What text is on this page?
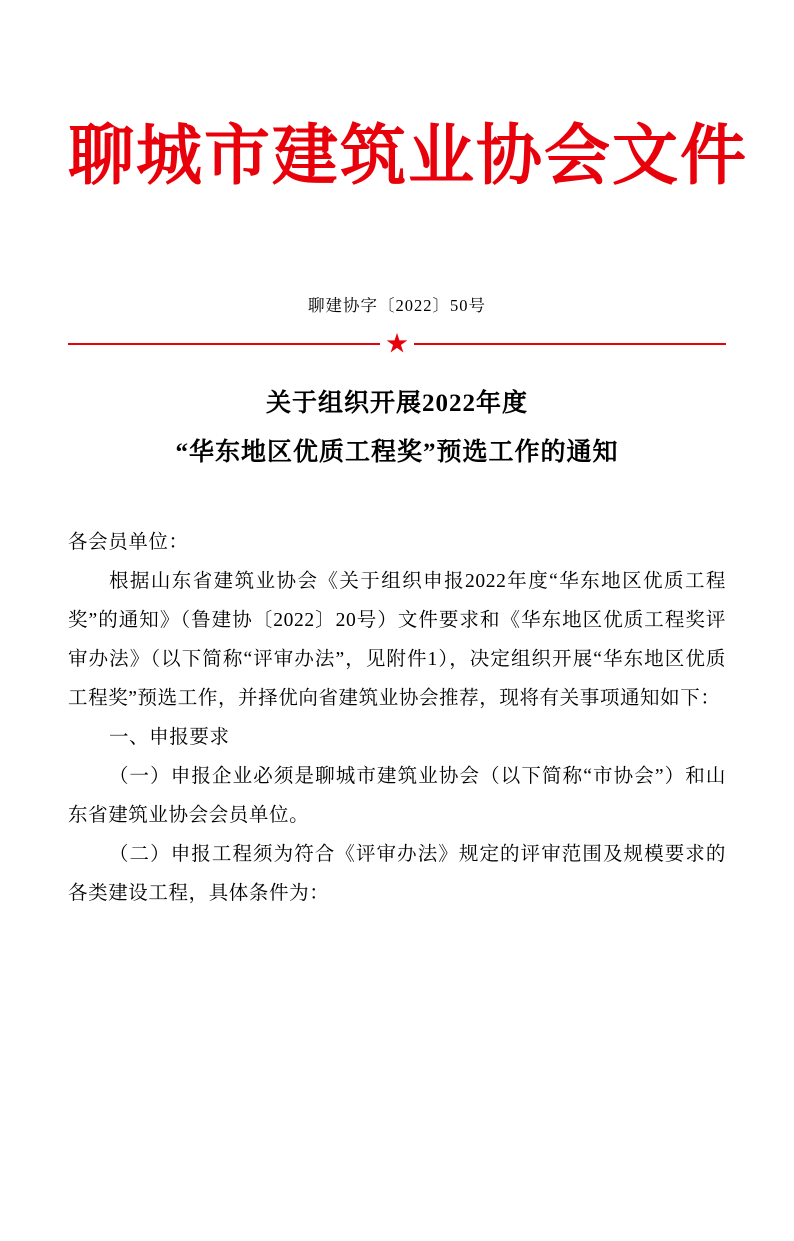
聊城市建筑业协会文件
聊建协字〔2022〕50号
★
关于组织开展2022年度
“华东地区优质工程奖”预选工作的通知

各会员单位：

根据山东省建筑业协会《关于组织申报2022年度“华东地区优质工程奖”的通知》（鲁建协〔2022〕20号）文件要求和《华东地区优质工程奖评审办法》（以下简称“评审办法”，见附件1），决定组织开展“华东地区优质工程奖”预选工作，并择优向省建筑业协会推荐，现将有关事项通知如下：

一、申报要求

（一）申报企业必须是聊城市建筑业协会（以下简称“市协会”）和山东省建筑业协会会员单位。

（二）申报工程须为符合《评审办法》规定的评审范围及规模要求的各类建设工程，具体条件为：
